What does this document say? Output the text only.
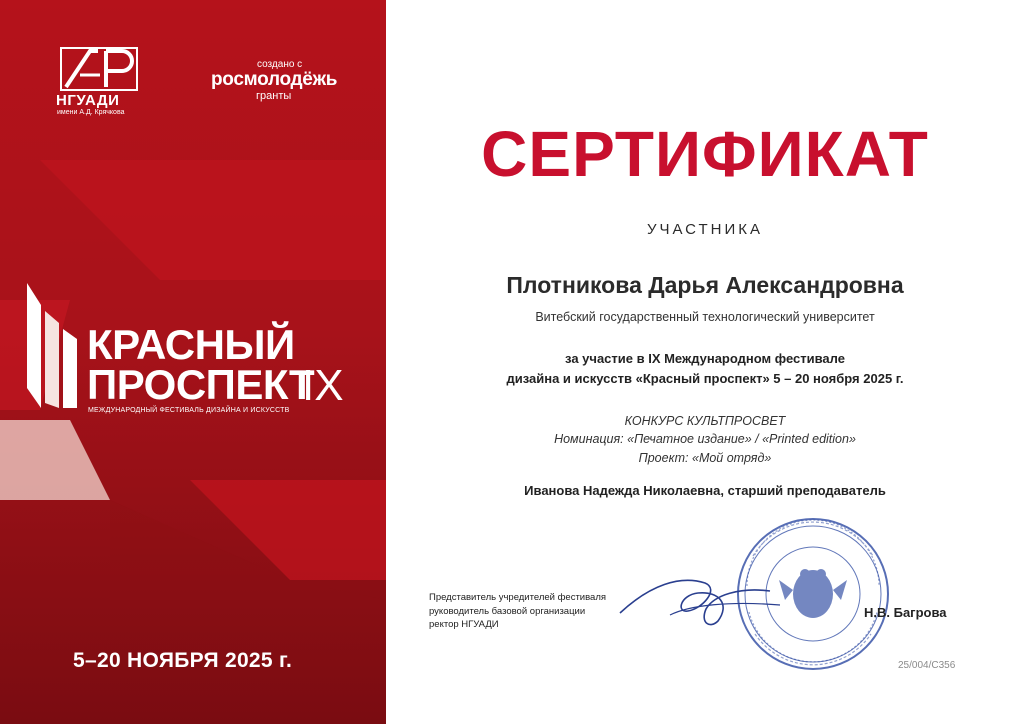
НГУАДИ
имени А.Д. Крячкова
создано с
росмолодёжь
гранты
КРАСНЫЙ
ПРОСПЕКТ
IX
МЕЖДУНАРОДНЫЙ ФЕСТИВАЛЬ ДИЗАЙНА И ИСКУССТВ
5–20 НОЯБРЯ 2025 г.
СЕРТИФИКАТ
УЧАСТНИКА
Плотникова Дарья Александровна
Витебский государственный технологический университет
за участие в IX Международном фестивале
дизайна и искусств «Красный проспект» 5 – 20 ноября 2025 г.
КОНКУРС КУЛЬТПРОСВЕТ
Номинация: «Печатное издание» / «Printed edition»
Проект: «Мой отряд»
Иванова Надежда Николаевна, старший преподаватель
Представитель учредителей фестиваля
руководитель базовой организации
ректор НГУАДИ
Н.В. Багрова
25/004/С356
